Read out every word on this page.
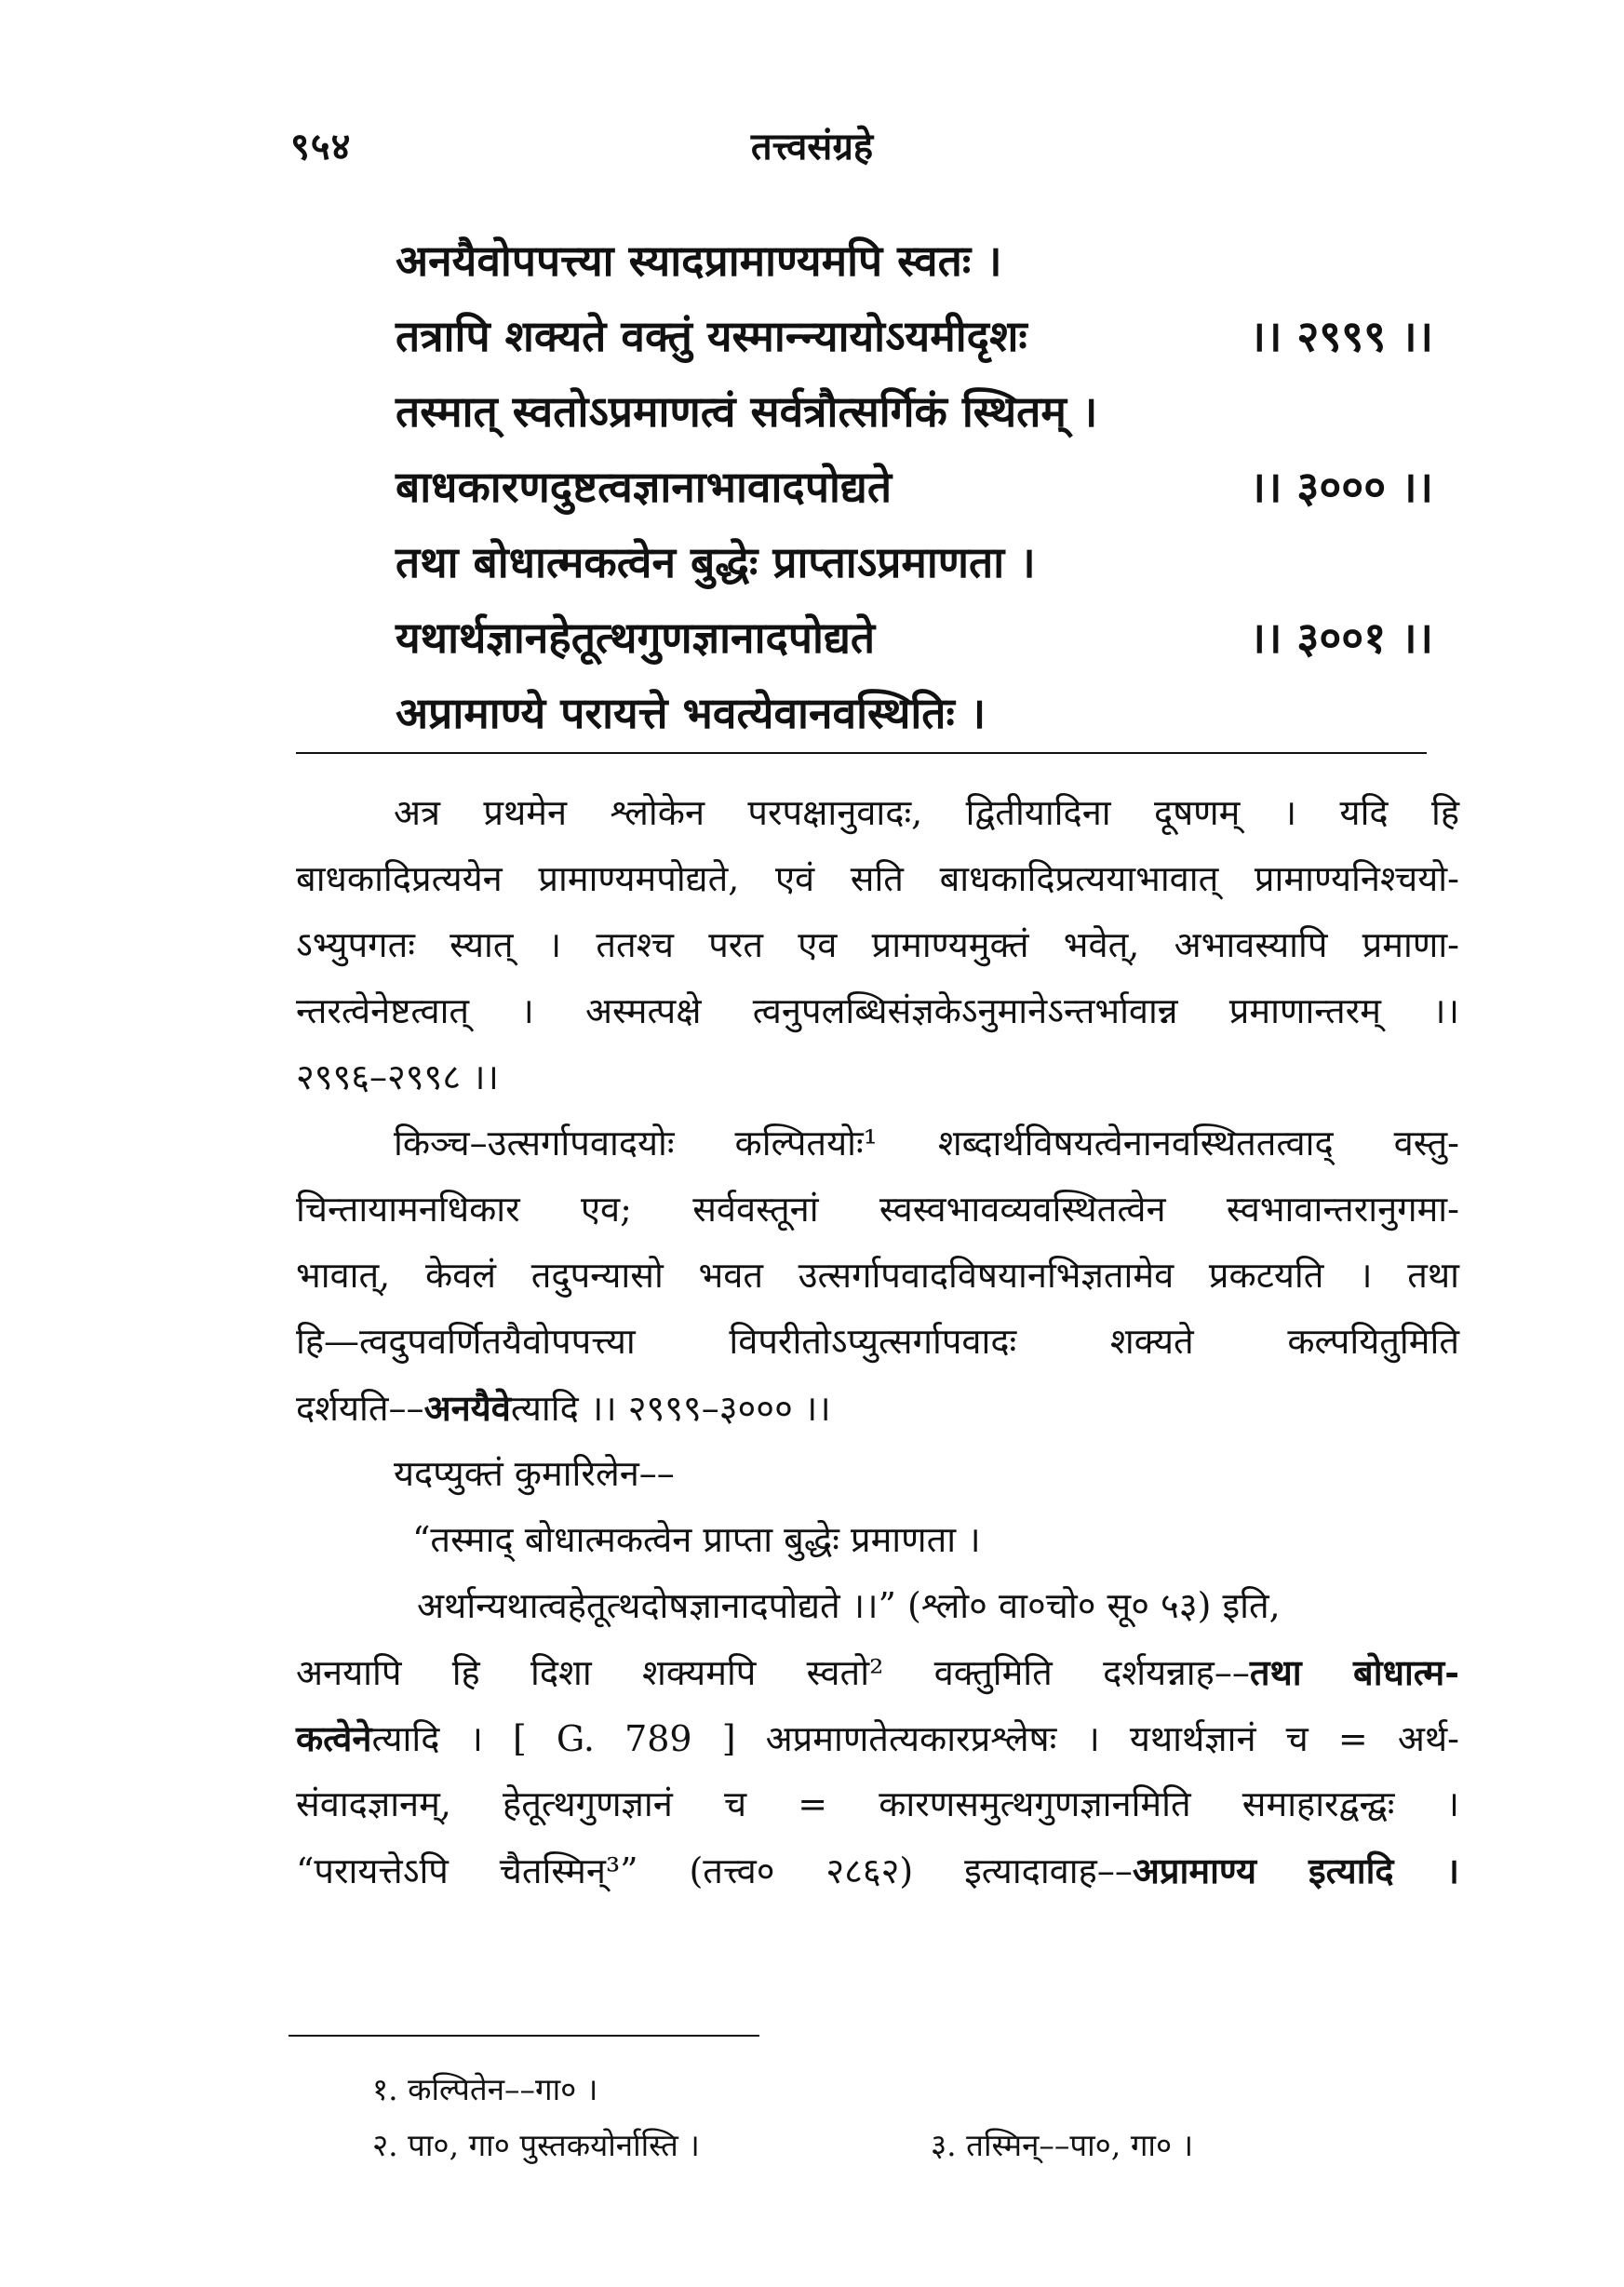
९५४	तत्त्वसंग्रहे
अनयैवोपपत्त्या स्यादप्रामाण्यमपि स्वतः ।
तत्रापि शक्यते वक्तुं यस्मान्न्यायोऽयमीदृशः	।। २९९९ ।।
तस्मात् स्वतोऽप्रमाणत्वं सर्वत्रौत्सर्गिकं स्थितम् ।
बाधकारणदुष्टत्वज्ञानाभावादपोद्यते	।। ३००० ।।
तथा बोधात्मकत्वेन बुद्धेः प्राप्ताऽप्रमाणता ।
यथार्थज्ञानहेतूत्थगुणज्ञानादपोद्यते	।। ३००१ ।।
अप्रामाण्ये परायत्ते भवत्येवानवस्थितिः ।
अत्र प्रथमेन श्लोकेन परपक्षानुवादः, द्वितीयादिना दूषणम् । यदि हि
बाधकादिप्रत्ययेन प्रामाण्यमपोद्यते, एवं सति बाधकादिप्रत्ययाभावात् प्रामाण्यनिश्चयो-
ऽभ्युपगतः स्यात् । ततश्च परत एव प्रामाण्यमुक्तं भवेत्, अभावस्यापि प्रमाणा-
न्तरत्वेनेष्टत्वात् । अस्मत्पक्षे त्वनुपलब्धिसंज्ञकेऽनुमानेऽन्तर्भावान्न प्रमाणान्तरम् ।।
२९९६–२९९८ ।।
किञ्च–उत्सर्गापवादयोः कल्पितयोः¹ शब्दार्थविषयत्वेनानवस्थिततत्वाद् वस्तु-
चिन्तायामनधिकार एव; सर्ववस्तूनां स्वस्वभावव्यवस्थितत्वेन स्वभावान्तरानुगमा-
भावात्, केवलं तदुपन्यासो भवत उत्सर्गापवादविषयानभिज्ञतामेव प्रकटयति । तथा
हि—त्वदुपवर्णितयैवोपपत्त्या विपरीतोऽप्युत्सर्गापवादः शक्यते कल्पयितुमिति
दर्शयति––अनयैवेत्यादि ।। २९९९–३००० ।।
यदप्युक्तं कुमारिलेन––
“तस्माद् बोधात्मकत्वेन प्राप्ता बुद्धेः प्रमाणता ।
अर्थान्यथात्वहेतूत्थदोषज्ञानादपोद्यते ।।” (श्लो० वा०चो० सू० ५३) इति,
अनयापि हि दिशा शक्यमपि स्वतो² वक्तुमिति दर्शयन्नाह––तथा बोधात्म-
कत्वेनेत्यादि । [ G. 789 ] अप्रमाणतेत्यकारप्रश्लेषः । यथार्थज्ञानं च = अर्थ-
संवादज्ञानम्, हेतूत्थगुणज्ञानं च = कारणसमुत्थगुणज्ञानमिति समाहारद्वन्द्वः ।
“परायत्तेऽपि चैतस्मिन्³” (तत्त्व० २८६२) इत्यादावाह––अप्रामाण्य इत्यादि ।
१. कल्पितेन––गा० ।
२. पा०, गा० पुस्तकयोर्नास्ति ।	३. तस्मिन्––पा०, गा० ।
